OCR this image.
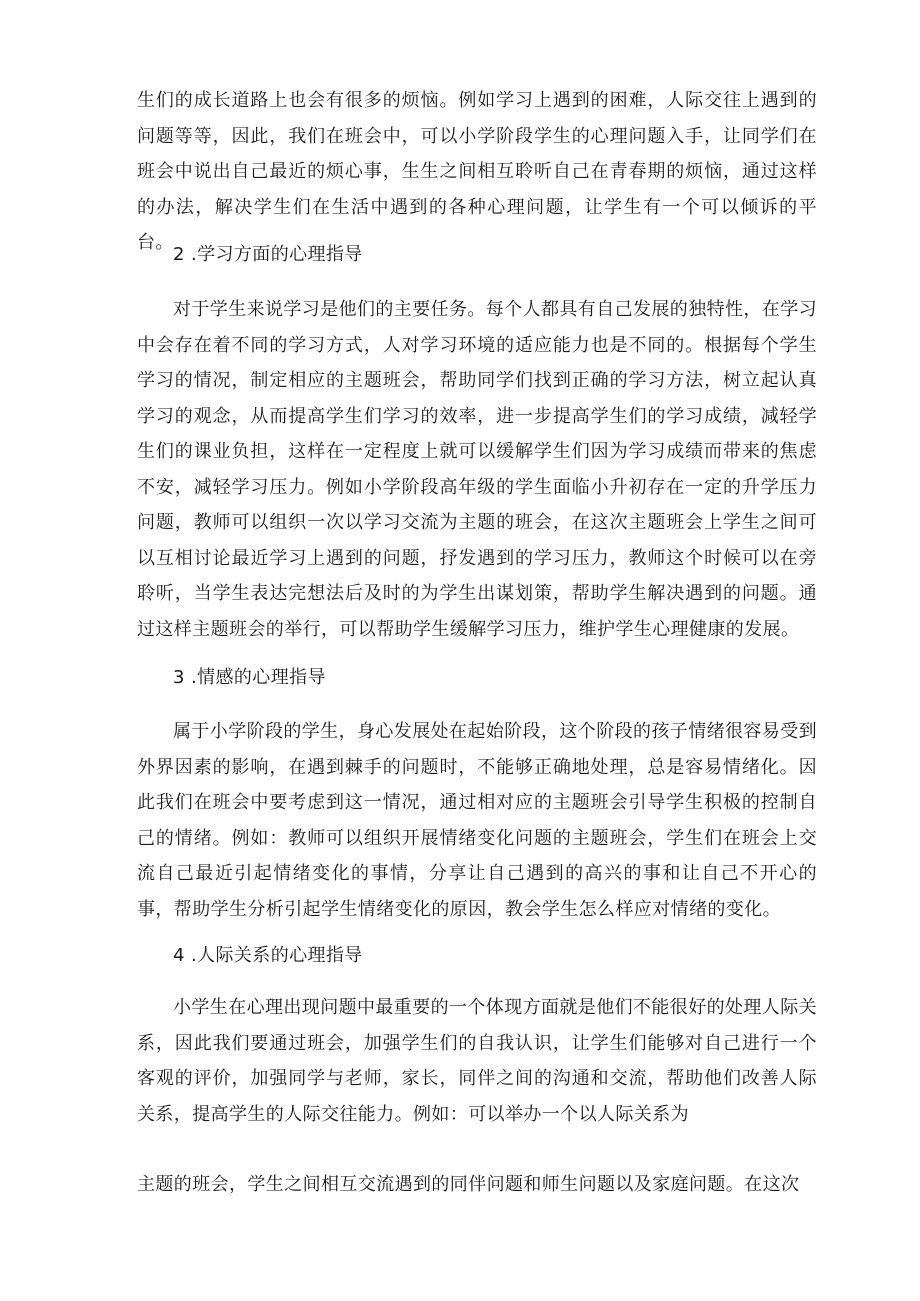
生们的成长道路上也会有很多的烦恼。例如学习上遇到的困难，人际交往上遇到的问题等等，因此，我们在班会中，可以小学阶段学生的心理问题入手，让同学们在班会中说出自己最近的烦心事，生生之间相互聆听自己在青春期的烦恼，通过这样的办法，解决学生们在生活中遇到的各种心理问题，让学生有一个可以倾诉的平台。

2 .学习方面的心理指导

对于学生来说学习是他们的主要任务。每个人都具有自己发展的独特性，在学习中会存在着不同的学习方式，人对学习环境的适应能力也是不同的。根据每个学生学习的情况，制定相应的主题班会，帮助同学们找到正确的学习方法，树立起认真学习的观念，从而提高学生们学习的效率，进一步提高学生们的学习成绩，减轻学生们的课业负担，这样在一定程度上就可以缓解学生们因为学习成绩而带来的焦虑不安，减轻学习压力。例如小学阶段高年级的学生面临小升初存在一定的升学压力问题，教师可以组织一次以学习交流为主题的班会，在这次主题班会上学生之间可以互相讨论最近学习上遇到的问题，抒发遇到的学习压力，教师这个时候可以在旁聆听，当学生表达完想法后及时的为学生出谋划策，帮助学生解决遇到的问题。通过这样主题班会的举行，可以帮助学生缓解学习压力，维护学生心理健康的发展。

3 .情感的心理指导

属于小学阶段的学生，身心发展处在起始阶段，这个阶段的孩子情绪很容易受到外界因素的影响，在遇到棘手的问题时，不能够正确地处理，总是容易情绪化。因此我们在班会中要考虑到这一情况，通过相对应的主题班会引导学生积极的控制自己的情绪。例如：教师可以组织开展情绪变化问题的主题班会，学生们在班会上交流自己最近引起情绪变化的事情，分享让自己遇到的高兴的事和让自己不开心的事，帮助学生分析引起学生情绪变化的原因，教会学生怎么样应对情绪的变化。

4 .人际关系的心理指导

小学生在心理出现问题中最重要的一个体现方面就是他们不能很好的处理人际关系，因此我们要通过班会，加强学生们的自我认识，让学生们能够对自己进行一个客观的评价，加强同学与老师，家长，同伴之间的沟通和交流，帮助他们改善人际关系，提高学生的人际交往能力。例如：可以举办一个以人际关系为

主题的班会，学生之间相互交流遇到的同伴问题和师生问题以及家庭问题。在这次
